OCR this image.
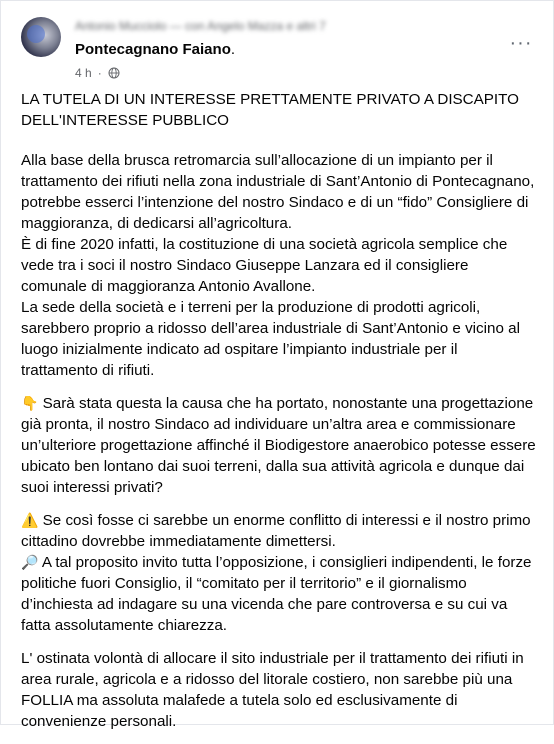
Antonio Mucciolo — con Angelo Mazza e altri 7
Pontecagnano Faiano.
4 h ·
···

LA TUTELA DI UN INTERESSE PRETTAMENTE PRIVATO A DISCAPITO DELL'INTERESSE PUBBLICO

Alla base della brusca retromarcia sull’allocazione di un impianto per il trattamento dei rifiuti nella zona industriale di Sant’Antonio di Pontecagnano, potrebbe esserci l’intenzione del nostro Sindaco e di un “fido” Consigliere di maggioranza, di dedicarsi all’agricoltura.
È di fine 2020 infatti, la costituzione di una società agricola semplice che vede tra i soci il nostro Sindaco Giuseppe Lanzara ed il consigliere comunale di maggioranza Antonio Avallone.
La sede della società e i terreni per la produzione di prodotti agricoli, sarebbero proprio a ridosso dell’area industriale di Sant’Antonio e vicino al luogo inizialmente indicato ad ospitare l’impianto industriale per il trattamento di rifiuti.

👇 Sarà stata questa la causa che ha portato, nonostante una progettazione già pronta, il nostro Sindaco ad individuare un’altra area e commissionare un’ulteriore progettazione affinché il Biodigestore anaerobico potesse essere ubicato ben lontano dai suoi terreni, dalla sua attività agricola e dunque dai suoi interessi privati?

⚠️ Se così fosse ci sarebbe un enorme conflitto di interessi e il nostro primo cittadino dovrebbe immediatamente dimettersi.
🔎 A tal proposito invito tutta l’opposizione, i consiglieri indipendenti, le forze politiche fuori Consiglio, il “comitato per il territorio” e il giornalismo d’inchiesta ad indagare su una vicenda che pare controversa e su cui va fatta assolutamente chiarezza.

L' ostinata volontà di allocare il sito industriale per il trattamento dei rifiuti in area rurale, agricola e a ridosso del litorale costiero, non sarebbe più una FOLLIA ma assoluta malafede a tutela solo ed esclusivamente di convenienze personali.
